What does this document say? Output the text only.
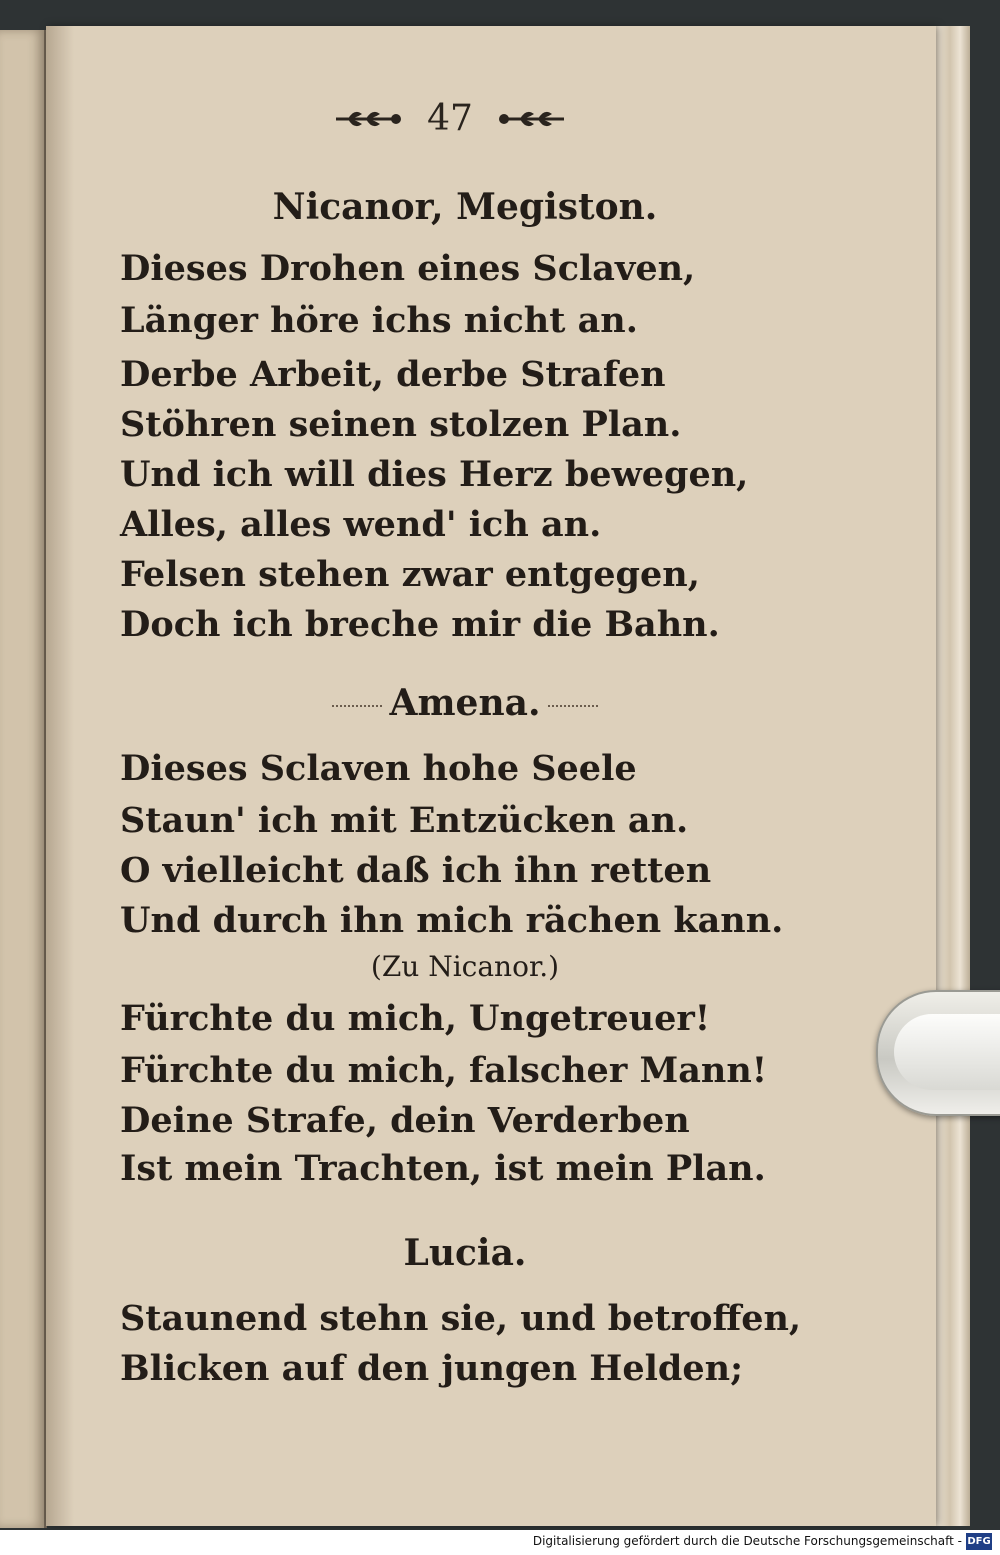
47
Nicanor, Megiston.
Dieses Drohen eines Sclaven,
Länger höre ichs nicht an.
Derbe Arbeit, derbe Strafen
Stöhren seinen stolzen Plan.
Und ich will dies Herz bewegen,
Alles, alles wend' ich an.
Felsen stehen zwar entgegen,
Doch ich breche mir die Bahn.
Amena.
Dieses Sclaven hohe Seele
Staun' ich mit Entzücken an.
O vielleicht daß ich ihn retten
Und durch ihn mich rächen kann.
(Zu Nicanor.)
Fürchte du mich, Ungetreuer!
Fürchte du mich, falscher Mann!
Deine Strafe, dein Verderben
Ist mein Trachten, ist mein Plan.
Lucia.
Staunend stehn sie, und betroffen,
Blicken auf den jungen Helden;
Digitalisierung gefördert durch die Deutsche Forschungsgemeinschaft - DFG
